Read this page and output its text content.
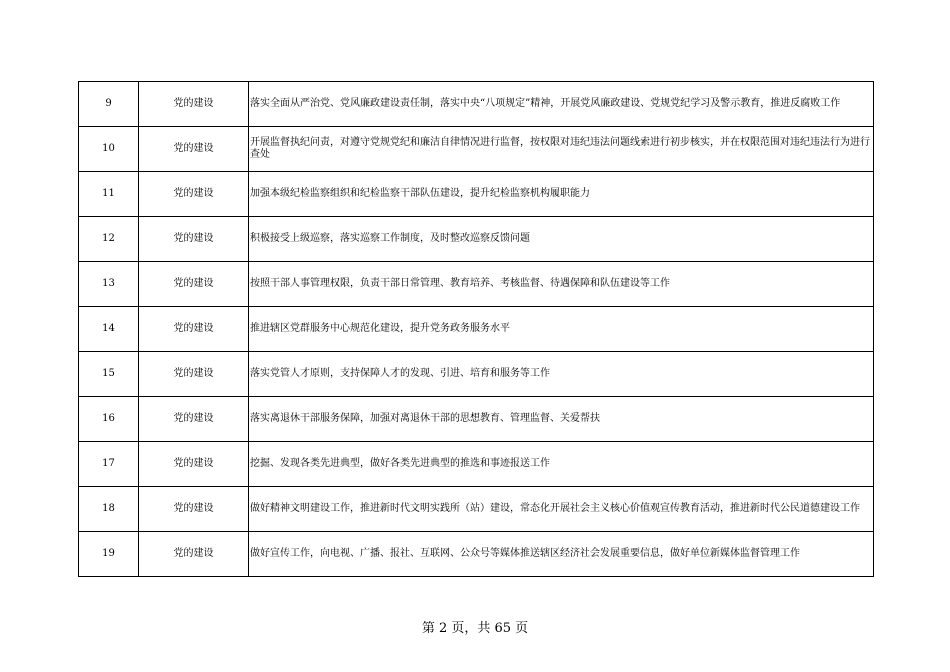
9	党的建设	落实全面从严治党、党风廉政建设责任制，落实中央“八项规定”精神，开展党风廉政建设、党规党纪学习及警示教育，推进反腐败工作
10	党的建设	开展监督执纪问责，对遵守党规党纪和廉洁自律情况进行监督，按权限对违纪违法问题线索进行初步核实，并在权限范围对违纪违法行为进行查处
11	党的建设	加强本级纪检监察组织和纪检监察干部队伍建设，提升纪检监察机构履职能力
12	党的建设	积极接受上级巡察，落实巡察工作制度，及时整改巡察反馈问题
13	党的建设	按照干部人事管理权限，负责干部日常管理、教育培养、考核监督、待遇保障和队伍建设等工作
14	党的建设	推进辖区党群服务中心规范化建设，提升党务政务服务水平
15	党的建设	落实党管人才原则，支持保障人才的发现、引进、培育和服务等工作
16	党的建设	落实离退休干部服务保障，加强对离退休干部的思想教育、管理监督、关爱帮扶
17	党的建设	挖掘、发现各类先进典型，做好各类先进典型的推选和事迹报送工作
18	党的建设	做好精神文明建设工作，推进新时代文明实践所（站）建设，常态化开展社会主义核心价值观宣传教育活动，推进新时代公民道德建设工作
19	党的建设	做好宣传工作，向电视、广播、报社、互联网、公众号等媒体推送辖区经济社会发展重要信息，做好单位新媒体监督管理工作
第 2 页，共 65 页
